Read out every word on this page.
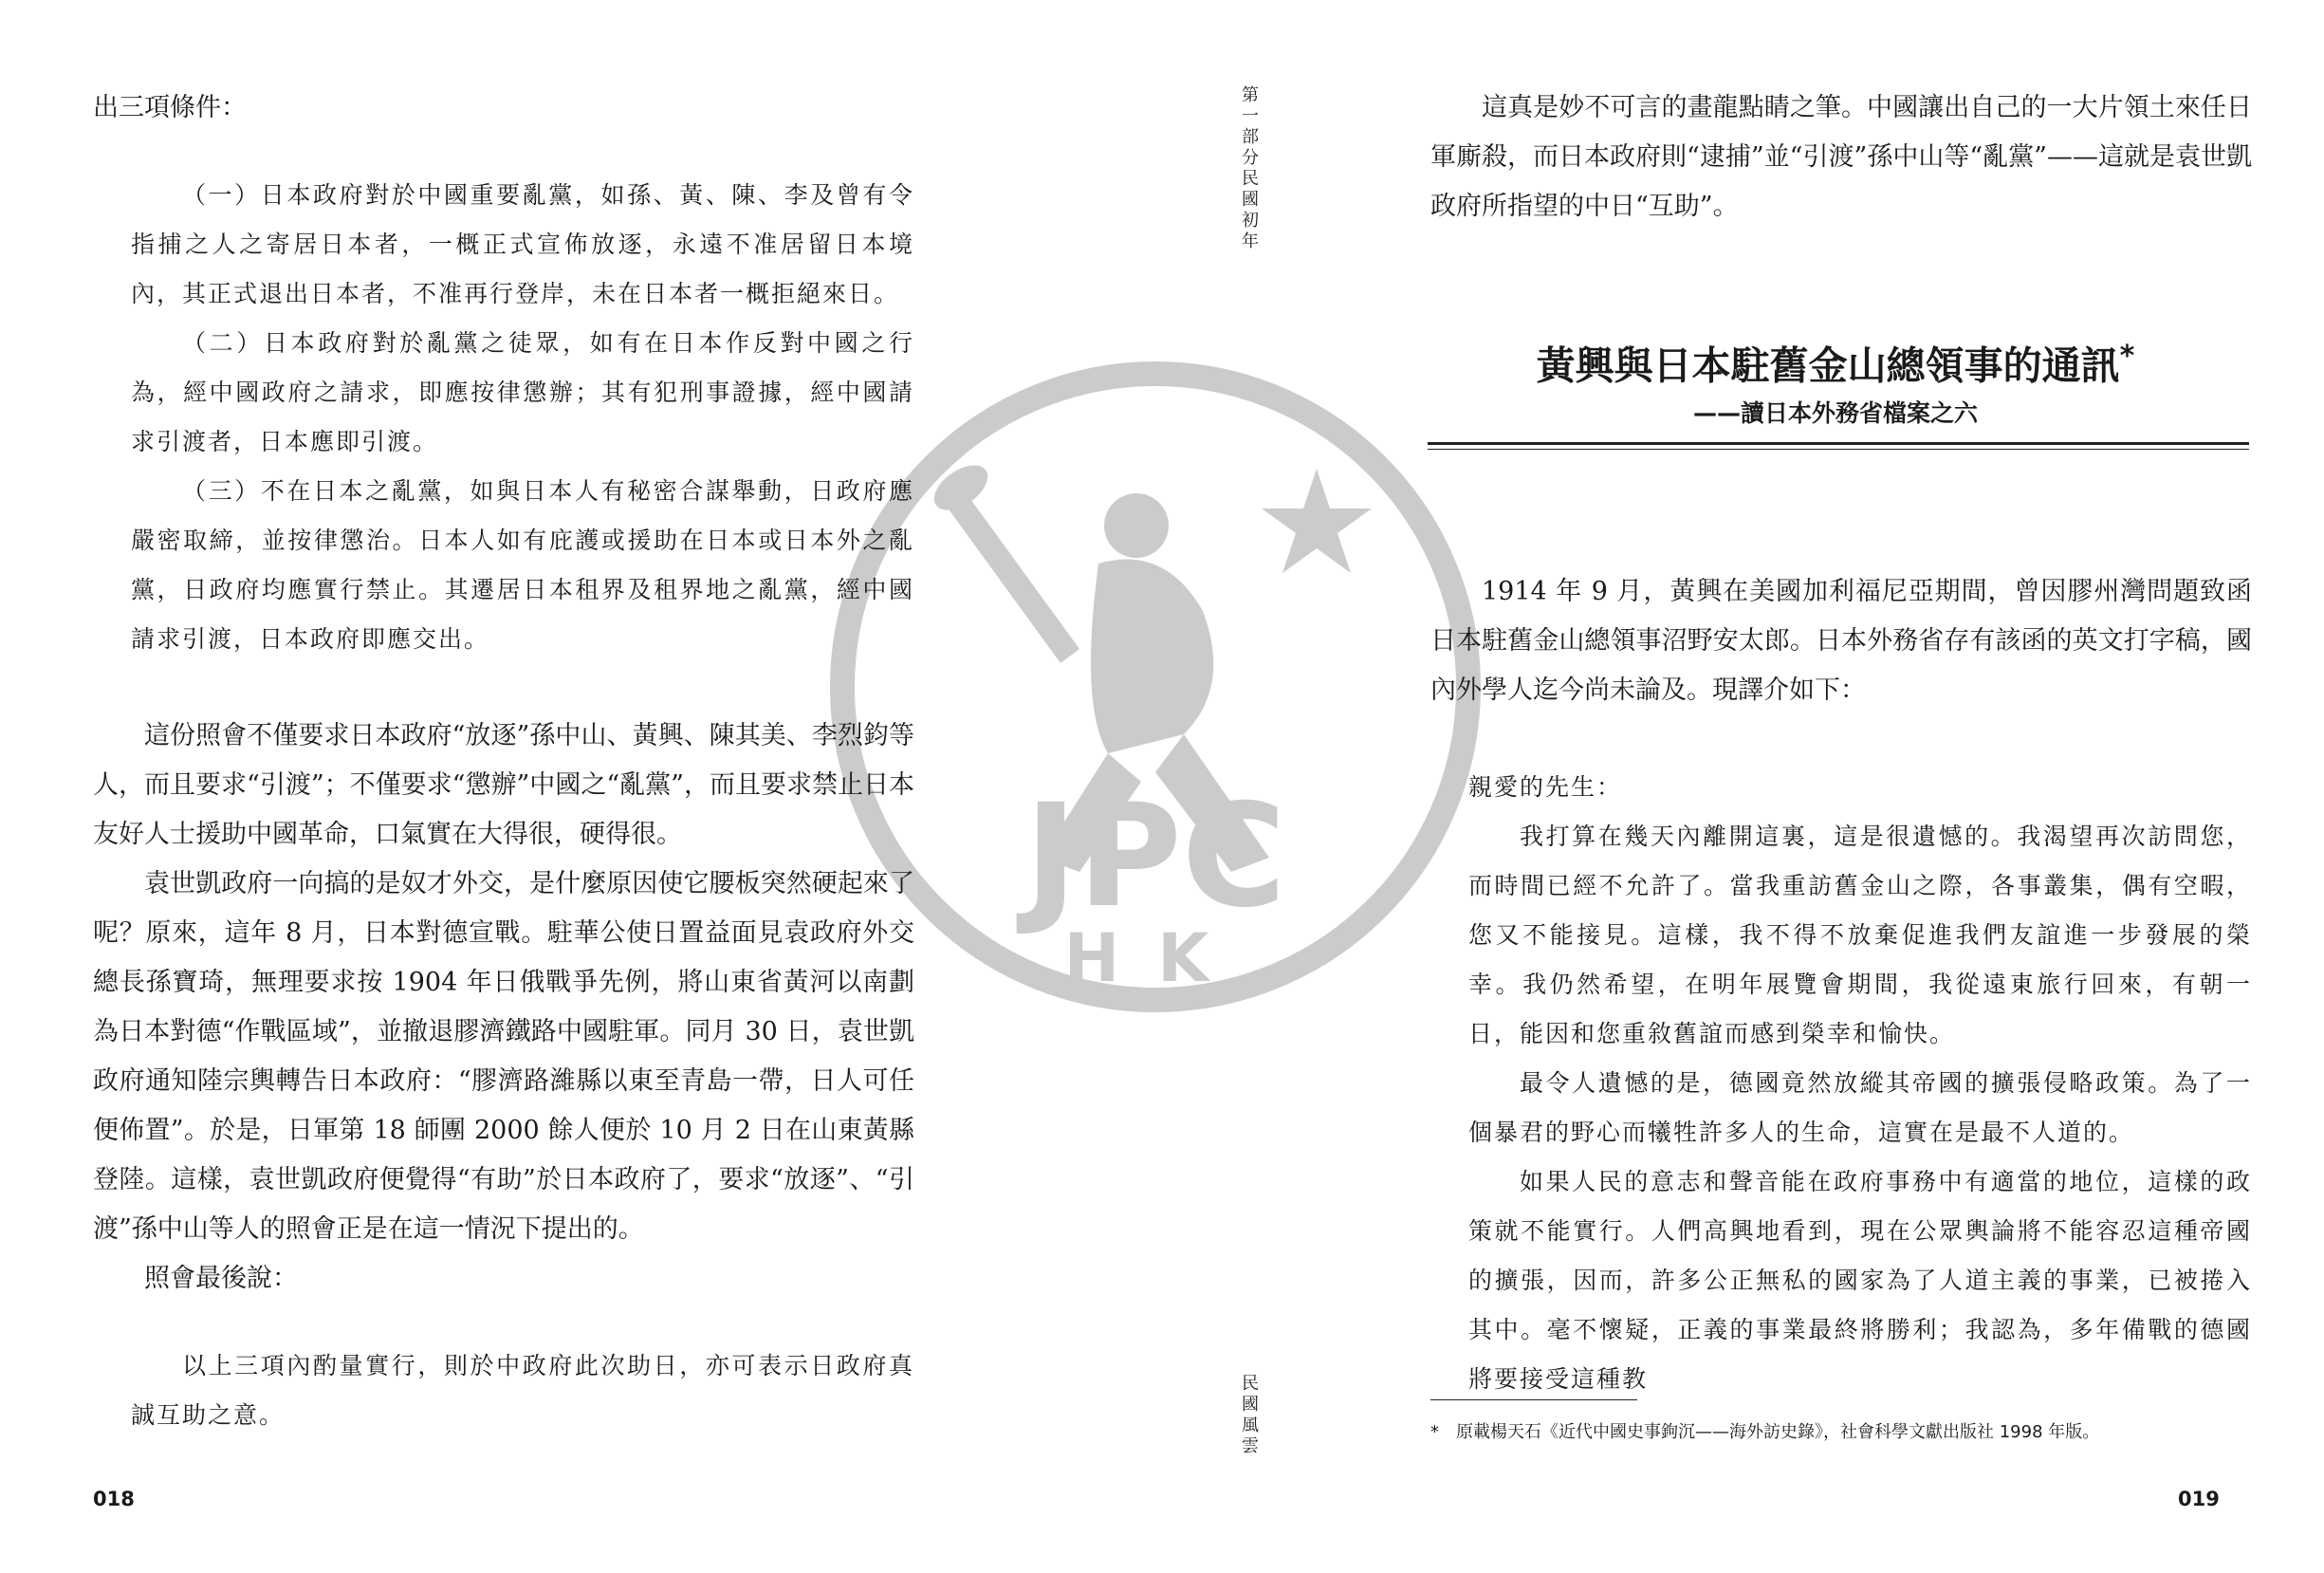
JPC
HK

出三項條件：

（一）日本政府對於中國重要亂黨，如孫、黃、陳、李及曾有令指捕之人之寄居日本者，一概正式宣佈放逐，永遠不准居留日本境內，其正式退出日本者，不准再行登岸，未在日本者一概拒絕來日。

（二）日本政府對於亂黨之徒眾，如有在日本作反對中國之行為，經中國政府之請求，即應按律懲辦；其有犯刑事證據，經中國請求引渡者，日本應即引渡。

（三）不在日本之亂黨，如與日本人有秘密合謀舉動，日政府應嚴密取締，並按律懲治。日本人如有庇護或援助在日本或日本外之亂黨，日政府均應實行禁止。其遷居日本租界及租界地之亂黨，經中國請求引渡，日本政府即應交出。

這份照會不僅要求日本政府“放逐”孫中山、黃興、陳其美、李烈鈞等人，而且要求“引渡”；不僅要求“懲辦”中國之“亂黨”，而且要求禁止日本友好人士援助中國革命，口氣實在大得很，硬得很。

袁世凱政府一向搞的是奴才外交，是什麼原因使它腰板突然硬起來了呢？原來，這年 8 月，日本對德宣戰。駐華公使日置益面見袁政府外交總長孫寶琦，無理要求按 1904 年日俄戰爭先例，將山東省黃河以南劃為日本對德“作戰區域”，並撤退膠濟鐵路中國駐軍。同月 30 日，袁世凱政府通知陸宗輿轉告日本政府：“膠濟路濰縣以東至青島一帶，日人可任便佈置”。於是，日軍第 18 師團 2000 餘人便於 10 月 2 日在山東黃縣登陸。這樣，袁世凱政府便覺得“有助”於日本政府了，要求“放逐”、“引渡”孫中山等人的照會正是在這一情況下提出的。

照會最後說：

以上三項內酌量實行，則於中政府此次助日，亦可表示日政府真誠互助之意。

018
第一部分　民國初年
民國風雲

這真是妙不可言的畫龍點睛之筆。中國讓出自己的一大片領土來任日軍廝殺，而日本政府則“逮捕”並“引渡”孫中山等“亂黨”——這就是袁世凱政府所指望的中日“互助”。

黃興與日本駐舊金山總領事的通訊*
——讀日本外務省檔案之六

1914 年 9 月，黃興在美國加利福尼亞期間，曾因膠州灣問題致函日本駐舊金山總領事沼野安太郎。日本外務省存有該函的英文打字稿，國內外學人迄今尚未論及。現譯介如下：

親愛的先生：

我打算在幾天內離開這裏，這是很遺憾的。我渴望再次訪問您，而時間已經不允許了。當我重訪舊金山之際，各事叢集，偶有空暇，您又不能接見。這樣，我不得不放棄促進我們友誼進一步發展的榮幸。我仍然希望，在明年展覽會期間，我從遠東旅行回來，有朝一日，能因和您重敘舊誼而感到榮幸和愉快。

最令人遺憾的是，德國竟然放縱其帝國的擴張侵略政策。為了一個暴君的野心而犧牲許多人的生命，這實在是最不人道的。

如果人民的意志和聲音能在政府事務中有適當的地位，這樣的政策就不能實行。人們高興地看到，現在公眾輿論將不能容忍這種帝國的擴張，因而，許多公正無私的國家為了人道主義的事業，已被捲入其中。毫不懷疑，正義的事業最終將勝利；我認為，多年備戰的德國將要接受這種教

*　原載楊天石《近代中國史事鉤沉——海外訪史錄》，社會科學文獻出版社 1998 年版。
019
